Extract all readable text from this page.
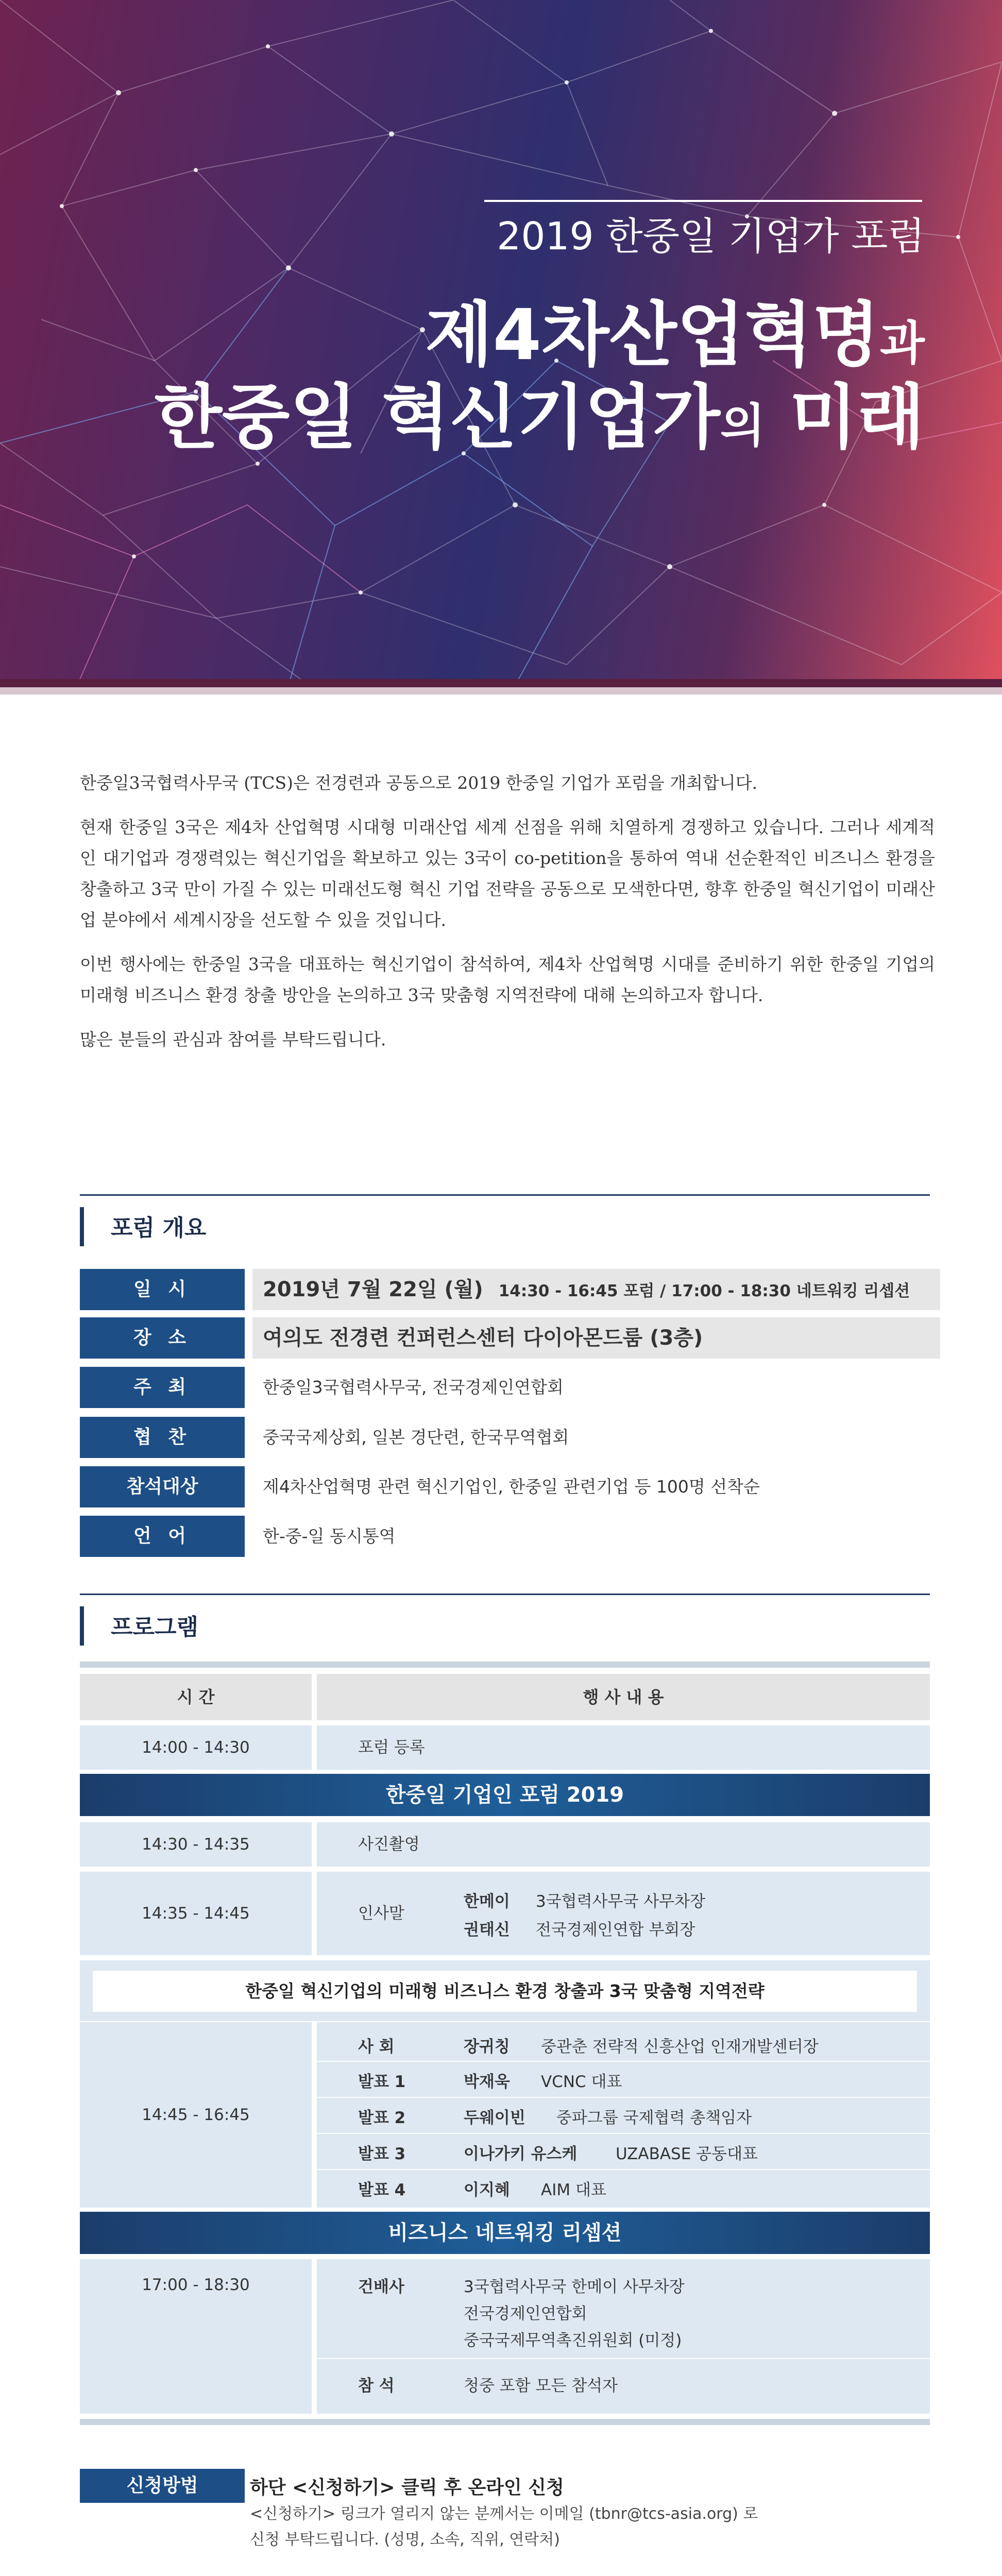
2019 한중일 기업가 포럼
제4차산업혁명과
한중일 혁신기업가의 미래

한중일3국협력사무국 (TCS)은 전경련과 공동으로 2019 한중일 기업가 포럼을 개최합니다.

현재 한중일 3국은 제4차 산업혁명 시대형 미래산업 세계 선점을 위해 치열하게 경쟁하고 있습니다. 그러나 세계적인 대기업과 경쟁력있는 혁신기업을 확보하고 있는 3국이 co-petition을 통하여 역내 선순환적인 비즈니스 환경을 창출하고 3국 만이 가질 수 있는 미래선도형 혁신 기업 전략을 공동으로 모색한다면, 향후 한중일 혁신기업이 미래산업 분야에서 세계시장을 선도할 수 있을 것입니다.

이번 행사에는 한중일 3국을 대표하는 혁신기업이 참석하여, 제4차 산업혁명 시대를 준비하기 위한 한중일 기업의 미래형 비즈니스 환경 창출 방안을 논의하고 3국 맞춤형 지역전략에 대해 논의하고자 합니다.

많은 분들의 관심과 참여를 부탁드립니다.

포럼 개요
일 시	2019년 7월 22일 (월) 14:30 - 16:45 포럼 / 17:00 - 18:30 네트워킹 리셉션
장 소	여의도 전경련 컨퍼런스센터 다이아몬드룸 (3층)
주 최	한중일3국협력사무국, 전국경제인연합회
협 찬	중국국제상회, 일본 경단련, 한국무역협회
참석대상	제4차산업혁명 관련 혁신기업인, 한중일 관련기업 등 100명 선착순
언 어	한-중-일 동시통역
프로그램
시 간	행 사 내 용
14:00 - 14:30	포럼 등록
한중일 기업인 포럼 2019
14:30 - 14:35	사진촬영
14:35 - 14:45	인사말
한메이 3국협력사무국 사무차장
권태신 전국경제인연합 부회장
한중일 혁신기업의 미래형 비즈니스 환경 창출과 3국 맞춤형 지역전략
14:45 - 16:45
사 회	장귀칭 중관춘 전략적 신흥산업 인재개발센터장
발표 1	박재욱 VCNC 대표
발표 2	두웨이빈 중파그룹 국제협력 총책임자
발표 3	이나가키 유스케 UZABASE 공동대표
발표 4	이지혜 AIM 대표
비즈니스 네트워킹 리셉션
17:00 - 18:30	건배사	3국협력사무국 한메이 사무차장
전국경제인연합회
중국국제무역촉진위원회 (미정)
참 석	청중 포함 모든 참석자
신청방법	하단 <신청하기> 클릭 후 온라인 신청
<신청하기> 링크가 열리지 않는 분께서는 이메일 (tbnr@tcs-asia.org) 로
신청 부탁드립니다. (성명, 소속, 직위, 연락처)
